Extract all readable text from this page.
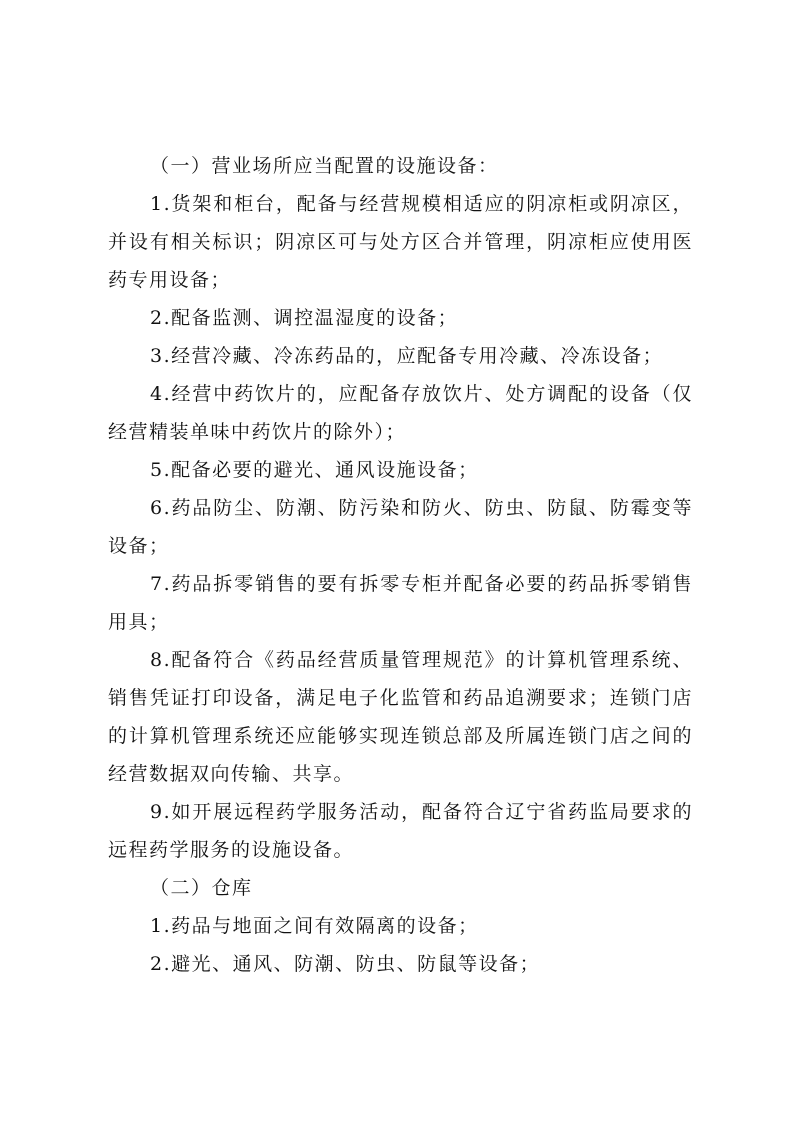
（一）营业场所应当配置的设施设备：

1.货架和柜台，配备与经营规模相适应的阴凉柜或阴凉区，并设有相关标识；阴凉区可与处方区合并管理，阴凉柜应使用医药专用设备；

2.配备监测、调控温湿度的设备；

3.经营冷藏、冷冻药品的，应配备专用冷藏、冷冻设备；

4.经营中药饮片的，应配备存放饮片、处方调配的设备（仅经营精装单味中药饮片的除外）；

5.配备必要的避光、通风设施设备；

6.药品防尘、防潮、防污染和防火、防虫、防鼠、防霉变等设备；

7.药品拆零销售的要有拆零专柜并配备必要的药品拆零销售用具；

8.配备符合《药品经营质量管理规范》的计算机管理系统、销售凭证打印设备，满足电子化监管和药品追溯要求；连锁门店的计算机管理系统还应能够实现连锁总部及所属连锁门店之间的经营数据双向传输、共享。

9.如开展远程药学服务活动，配备符合辽宁省药监局要求的远程药学服务的设施设备。

（二）仓库

1.药品与地面之间有效隔离的设备；

2.避光、通风、防潮、防虫、防鼠等设备；
